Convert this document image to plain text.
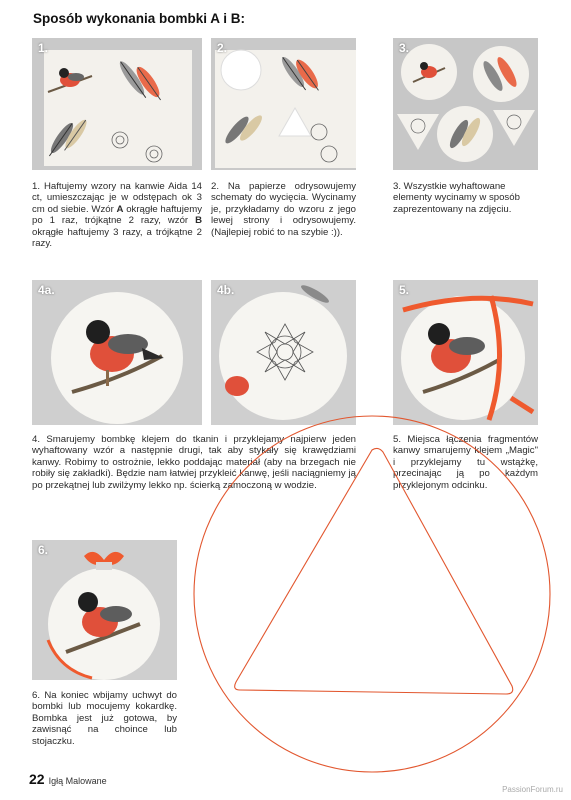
Sposób wykonania bombki A i B:
1.	2.	3.
1. Haftujemy wzory na kanwie Aida 14 ct, umieszczając je w odstępach ok 3 cm od siebie. Wzór A okrągłe haftujemy po 1 raz, trójkątne 2 razy, wzór B okrągłe haftujemy 3 razy, a trójkątne 2 razy.
2. Na papierze odrysowujemy schematy do wycięcia. Wycinamy je, przykładamy do wzoru z jego lewej strony i odrysowujemy. (Najlepiej robić to na szybie :)).
3. Wszystkie wyhaftowane elementy wycinamy w sposób zaprezentowany na zdjęciu.
4a.	4b.	5.
4. Smarujemy bombkę klejem do tkanin i przyklejamy najpierw jeden wyhaftowany wzór a następnie drugi, tak aby stykały się krawędziami kanwy. Robimy to ostrożnie, lekko poddając materiał (aby na brzegach nie robiły się zakładki). Będzie nam łatwiej przykleić kanwę, jeśli naciągniemy ją po przekątnej lub zwilżymy lekko np. ścierką zamoczoną w wodzie.
5. Miejsca łączenia fragmentów kanwy smarujemy klejem „Magic" i przyklejamy tu wstążkę, przecinając ją po każdym przyklejonym odcinku.
6.
6. Na koniec wbijamy uchwyt do bombki lub mocujemy kokardkę. Bombka jest już gotowa, by zawisnąć na choince lub stojaczku.
22 Igłą Malowane
PassionForum.ru
